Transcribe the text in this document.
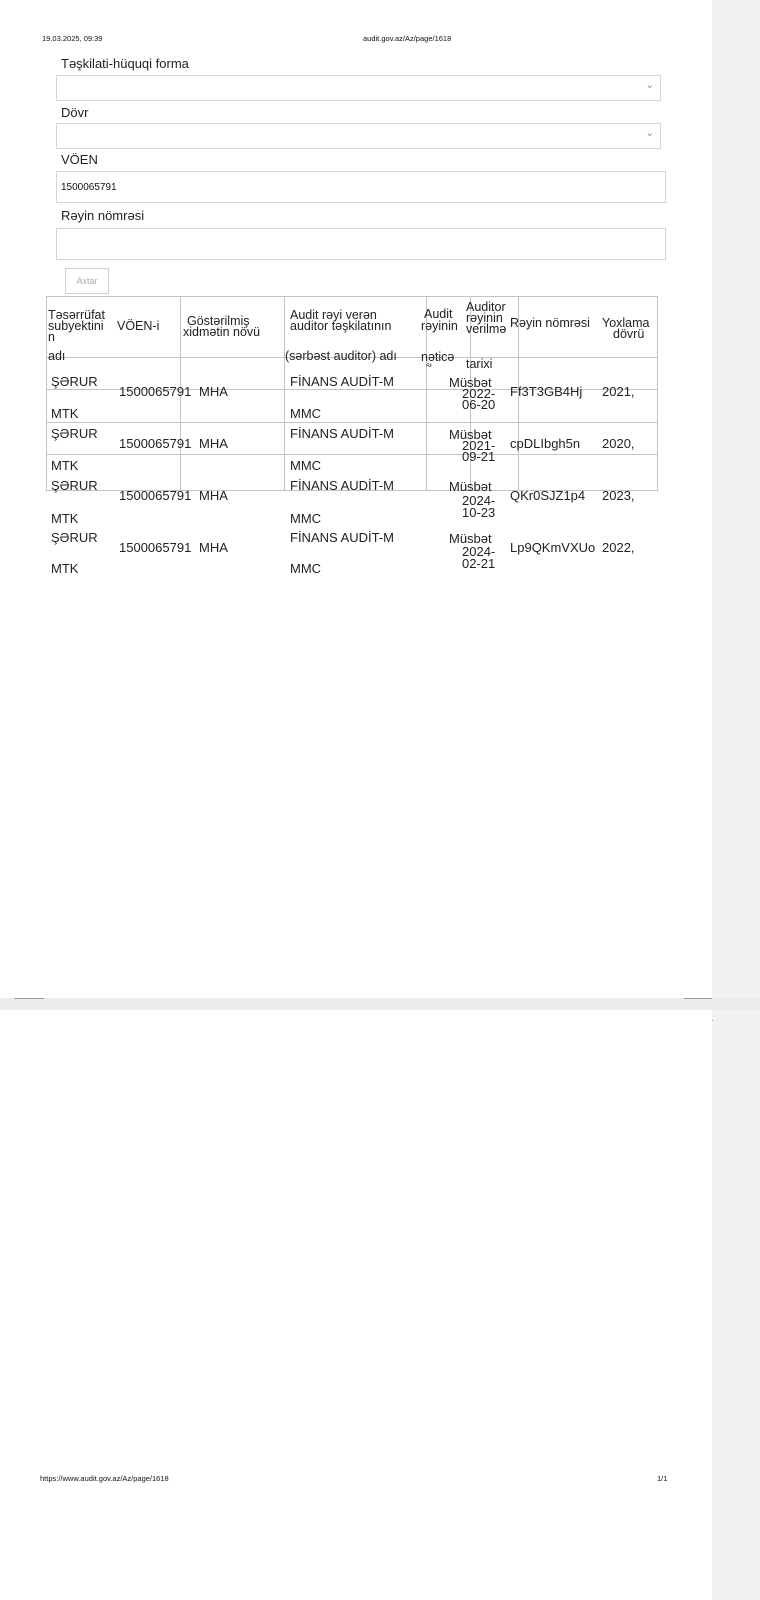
19.03.2025, 09:39	audit.gov.az/Az/page/1618
Təşkilati-hüquqi forma
⌄
Dövr
⌄
VÖEN
1500065791
Rəyin nömrəsi
Axtar
Təsərrüfat
subyektini
n
adı
VÖEN-i Göstərilmiş
xidmətin növü
Audit rəyi verən
auditor təşkilatının
(sərbəst auditor) adı
Audit
rəyinin
nəticə
Auditor
rəyinin
verilmə
tarixi
Rəyin nömrəsi Yoxlama
dövrü
ŞƏRUR
MTK
1500065791 MHA
FİNANS AUDİT-M
MMC
Müsbət
2022-
06-20
Ff3T3GB4Hj 2021,
ŞƏRUR
MTK
1500065791 MHA
FİNANS AUDİT-M
MMC
Müsbət
2021-
09-21
cpDLIbgh5n 2020,
ŞƏRUR
MTK
1500065791 MHA
FİNANS AUDİT-M
MMC
Müsbət
2024-
10-23
QKr0SJZ1p4 2023,
ŞƏRUR
MTK
1500065791 MHA
FİNANS AUDİT-M
MMC
Müsbət
2024-
02-21
Lp9QKmVXUo 2022,
https://www.audit.gov.az/Az/page/1618	1/1
